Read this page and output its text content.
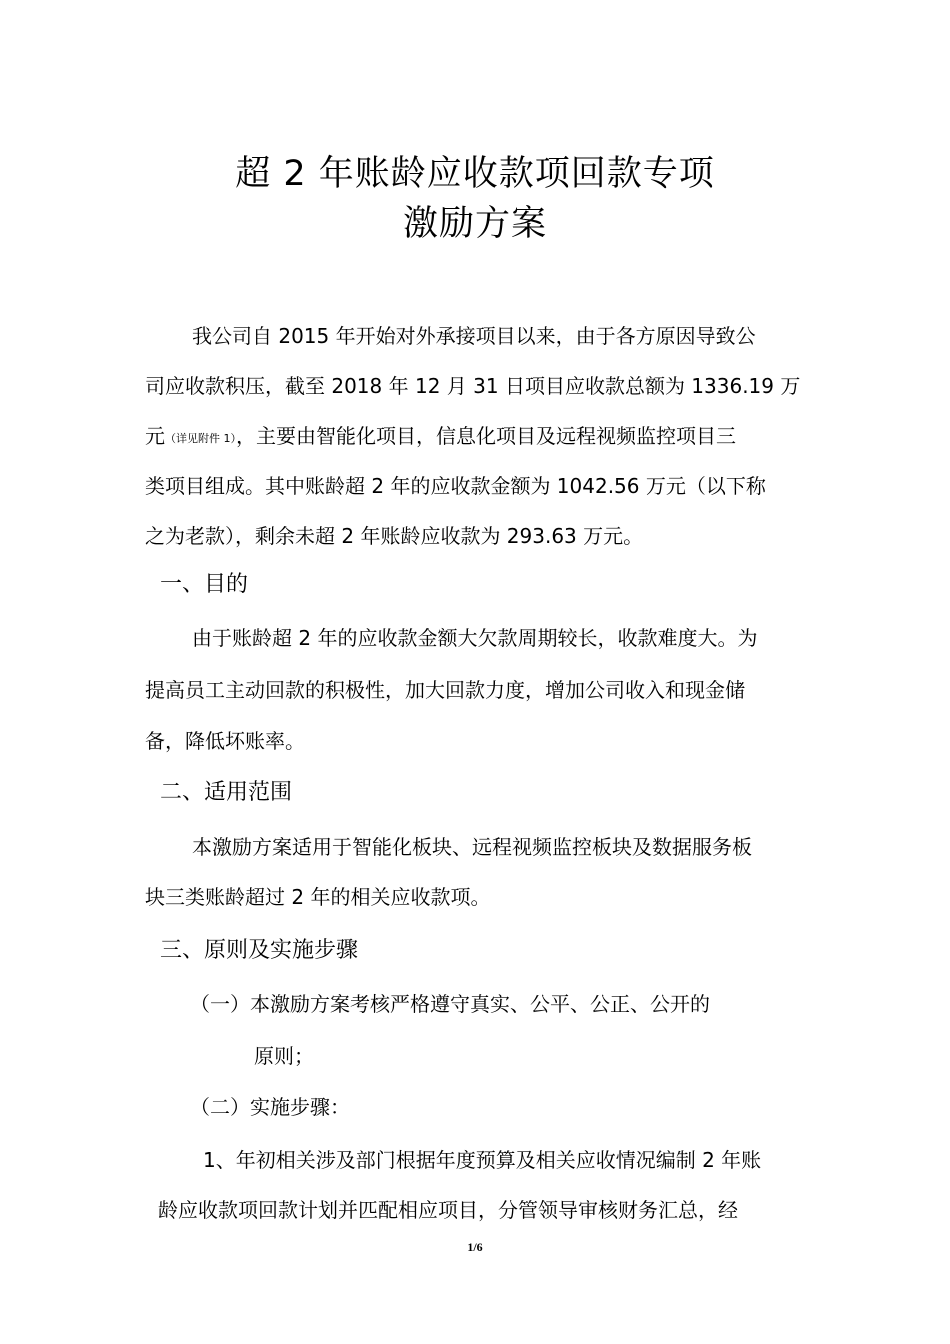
超 2 年账龄应收款项回款专项
激励方案

我公司自 2015 年开始对外承接项目以来，由于各方原因导致公

司应收款积压，截至 2018 年 12 月 31 日项目应收款总额为 1336.19 万

元（详见附件 1），主要由智能化项目，信息化项目及远程视频监控项目三

类项目组成。其中账龄超 2 年的应收款金额为 1042.56 万元（以下称

之为老款），剩余未超 2 年账龄应收款为 293.63 万元。

一、目的

由于账龄超 2 年的应收款金额大欠款周期较长，收款难度大。为

提高员工主动回款的积极性，加大回款力度，增加公司收入和现金储

备，降低坏账率。

二、适用范围

本激励方案适用于智能化板块、远程视频监控板块及数据服务板

块三类账龄超过 2 年的相关应收款项。

三、原则及实施步骤

（一）本激励方案考核严格遵守真实、公平、公正、公开的

原则；

（二）实施步骤：

1、年初相关涉及部门根据年度预算及相关应收情况编制 2 年账

龄应收款项回款计划并匹配相应项目，分管领导审核财务汇总，经

1/6
